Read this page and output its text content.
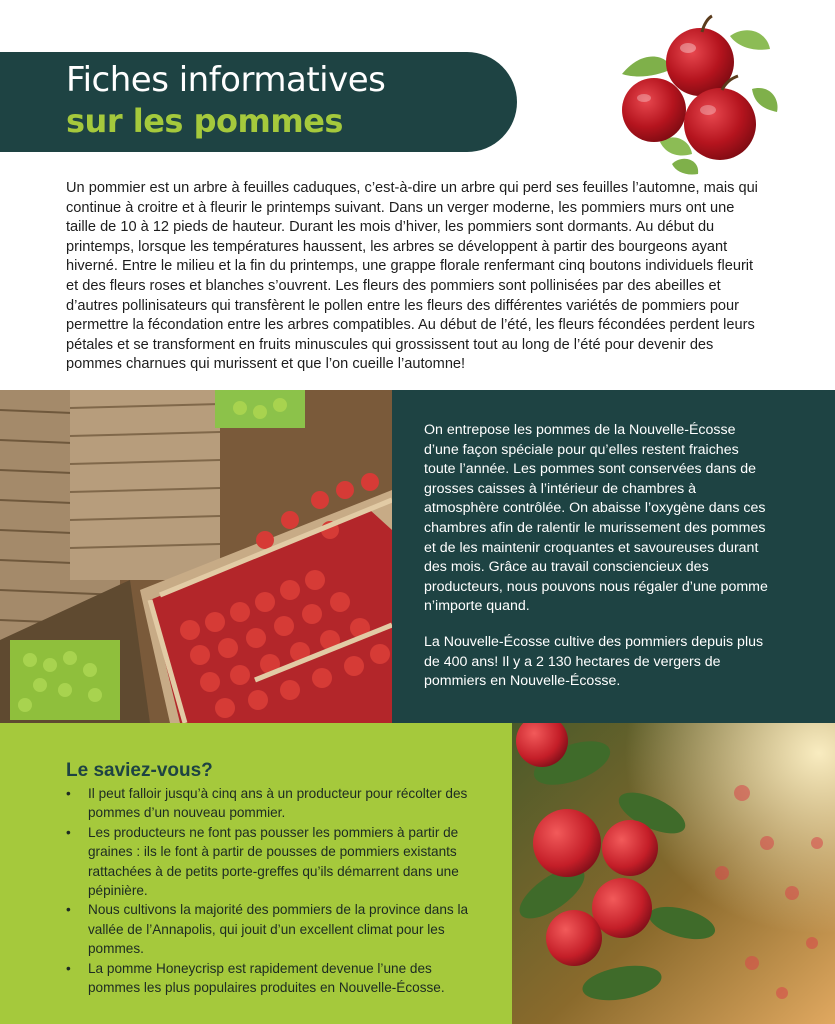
Fiches informatives
sur les pommes
Un pommier est un arbre à feuilles caduques, c’est-à-dire un arbre qui perd ses feuilles l’automne, mais qui continue à croitre et à fleurir le printemps suivant. Dans un verger moderne, les pommiers murs ont une taille de 10 à 12 pieds de hauteur. Durant les mois d’hiver, les pommiers sont dormants. Au début du printemps, lorsque les températures haussent, les arbres se développent à partir des bourgeons ayant hiverné. Entre le milieu et la fin du printemps, une grappe florale renfermant cinq boutons individuels fleurit et des fleurs roses et blanches s’ouvrent. Les fleurs des pommiers sont pollinisées par des abeilles et d’autres pollinisateurs qui transfèrent le pollen entre les fleurs des différentes variétés de pommiers pour permettre la fécondation entre les arbres compatibles. Au début de l’été, les fleurs fécondées perdent leurs pétales et se transforment en fruits minuscules qui grossissent tout au long de l’été pour devenir des pommes charnues qui murissent et que l’on cueille l’automne!
On entrepose les pommes de la Nouvelle-Écosse d’une façon spéciale pour qu’elles restent fraiches toute l’année. Les pommes sont conservées dans de grosses caisses à l’intérieur de chambres à atmosphère contrôlée. On abaisse l’oxygène dans ces chambres afin de ralentir le murissement des pommes et de les maintenir croquantes et savoureuses durant des mois. Grâce au travail consciencieux des producteurs, nous pouvons nous régaler d’une pomme n’importe quand.
La Nouvelle-Écosse cultive des pommiers depuis plus de 400 ans! Il y a 2 130 hectares de vergers de pommiers en Nouvelle-Écosse.
Le saviez-vous?
• Il peut falloir jusqu’à cinq ans à un producteur pour récolter des pommes d’un nouveau pommier.
• Les producteurs ne font pas pousser les pommiers à partir de graines : ils le font à partir de pousses de pommiers existants rattachées à de petits porte-greffes qu’ils démarrent dans une pépinière.
• Nous cultivons la majorité des pommiers de la province dans la vallée de l’Annapolis, qui jouit d’un excellent climat pour les pommes.
• La pomme Honeycrisp est rapidement devenue l’une des pommes les plus populaires produites en Nouvelle-Écosse.
